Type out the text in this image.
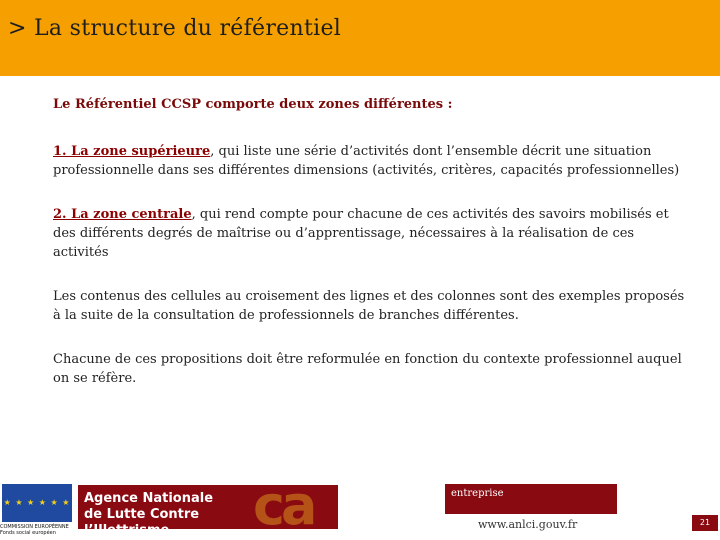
> La structure du référentiel

Le Référentiel CCSP comporte deux zones différentes :

1. La zone supérieure, qui liste une série d’activités dont l’ensemble décrit une situation professionnelle dans ses différentes dimensions (activités, critères, capacités professionnelles)

2. La zone centrale, qui rend compte pour chacune de ces activités des savoirs mobilisés et des différents degrés de maîtrise ou d’apprentissage, nécessaires à la réalisation de ces activités

Les contenus des cellules au croisement des lignes et des colonnes sont des exemples proposés à la suite de la consultation de professionnels de branches différentes.

Chacune de ces propositions doit être reformulée en fonction du contexte professionnel auquel on se réfère.

★ ★ ★ ★ ★ ★
COMMISSION EUROPÉENNE Fonds social européen	ca
Agence Nationale
de Lutte Contre l’Illettrisme
entreprise
www.anlci.gouv.fr	21
